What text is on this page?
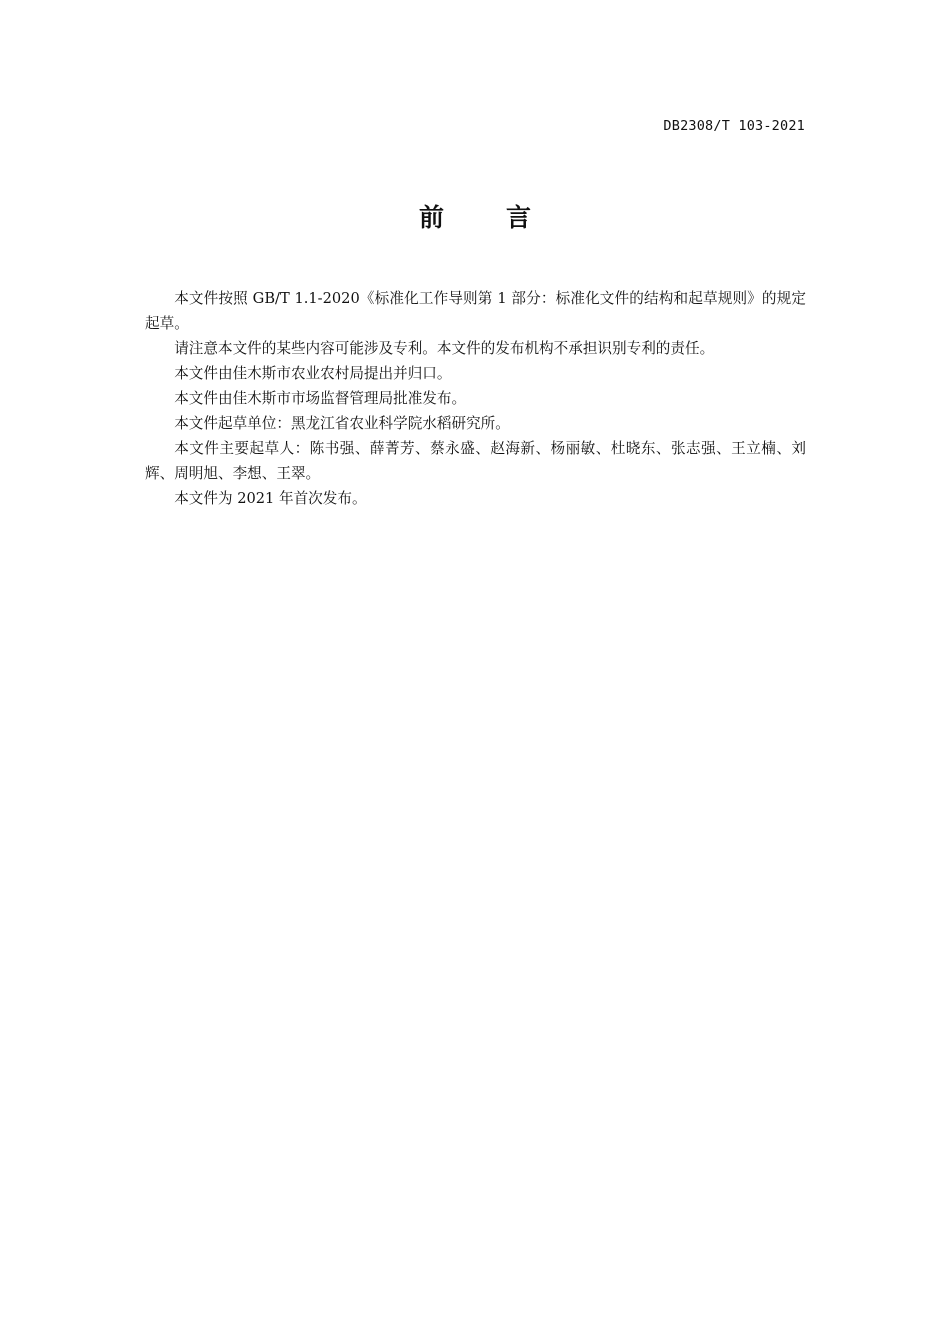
DB2308/T 103-2021
前 言

本文件按照 GB/T 1.1-2020《标准化工作导则第 1 部分：标准化文件的结构和起草规则》的规定起草。

请注意本文件的某些内容可能涉及专利。本文件的发布机构不承担识别专利的责任。

本文件由佳木斯市农业农村局提出并归口。

本文件由佳木斯市市场监督管理局批准发布。

本文件起草单位：黑龙江省农业科学院水稻研究所。

本文件主要起草人：陈书强、薛菁芳、蔡永盛、赵海新、杨丽敏、杜晓东、张志强、王立楠、刘辉、周明旭、李想、王翠。

本文件为 2021 年首次发布。
